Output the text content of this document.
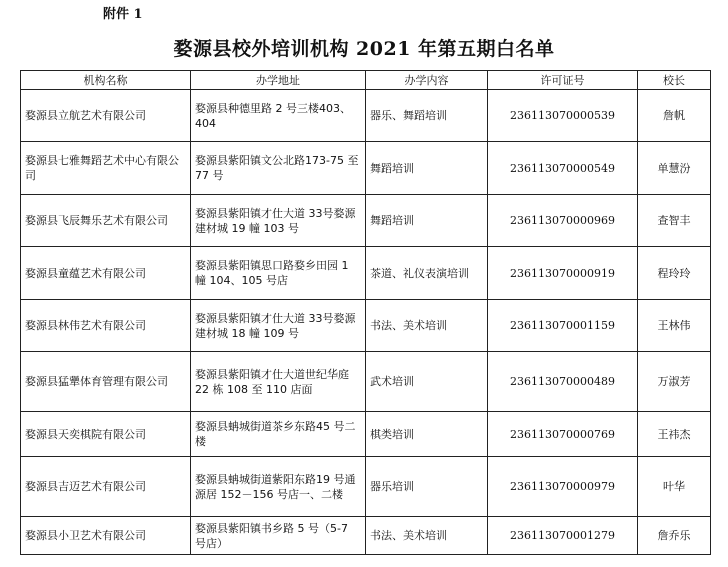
附件 1
婺源县校外培训机构 2021 年第五期白名单
机构名称	办学地址	办学内容	许可证号	校长
婺源县立航艺术有限公司	婺源县种德里路 2 号三楼403、404	器乐、舞蹈培训	236113070000539	詹帆
婺源县七雅舞蹈艺术中心有限公司	婺源县紫阳镇文公北路173-75 至 77 号	舞蹈培训	236113070000549	单慧汾
婺源县飞辰舞乐艺术有限公司	婺源县紫阳镇才仕大道 33号婺源建材城 19 幢 103 号	舞蹈培训	236113070000969	查智丰
婺源县童蕴艺术有限公司	婺源县紫阳镇思口路婺乡田园 1 幢 104、105 号店	茶道、礼仪表演培训	236113070000919	程玲玲
婺源县林伟艺术有限公司	婺源县紫阳镇才仕大道 33号婺源建材城 18 幢 109 号	书法、美术培训	236113070001159	王林伟
婺源县猛犟体育管理有限公司	婺源县紫阳镇才仕大道世纪华庭 22 栋 108 至 110 店面	武术培训	236113070000489	万淑芳
婺源县天奕棋院有限公司	婺源县蚺城街道茶乡东路45 号二楼	棋类培训	236113070000769	王祎杰
婺源县吉迈艺术有限公司	婺源县蚺城街道紫阳东路19 号通源居 152－156 号店一、二楼	器乐培训	236113070000979	叶华
婺源县小卫艺术有限公司	婺源县紫阳镇书乡路 5 号（5-7 号店）	书法、美术培训	236113070001279	詹乔乐
